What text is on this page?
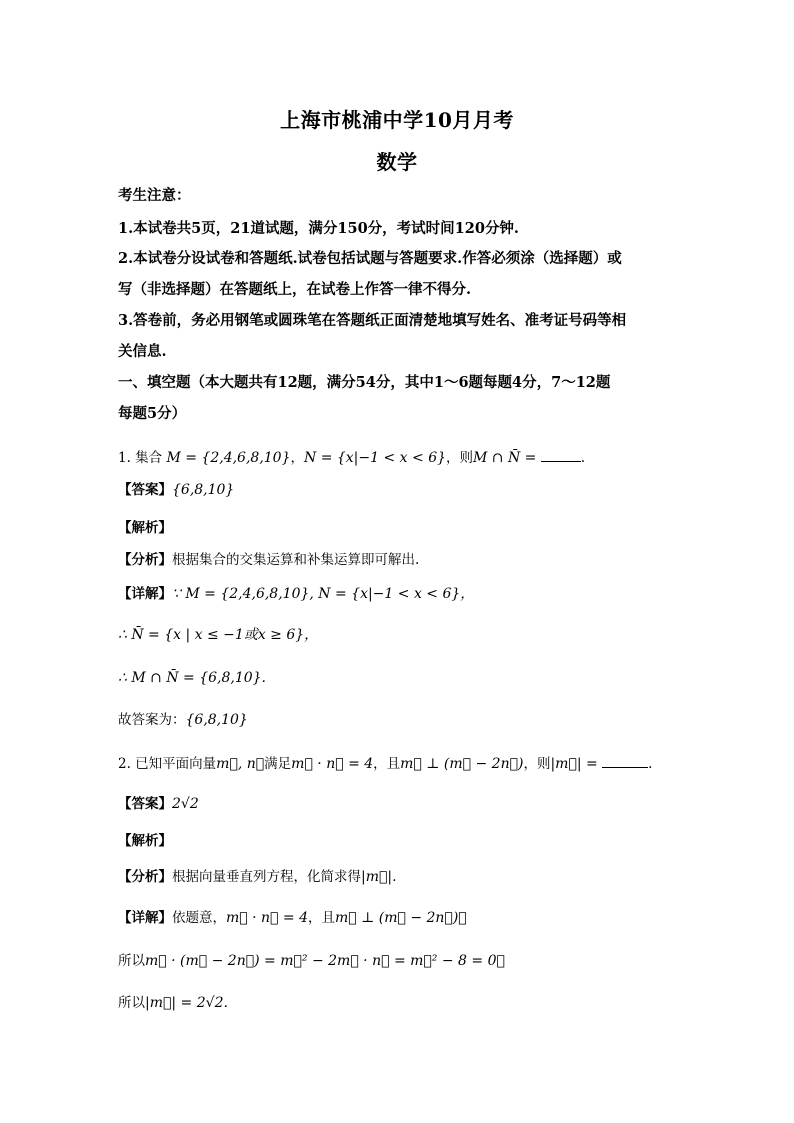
上海市桃浦中学10月月考
数学
考生注意：
1.本试卷共5页，21道试题，满分150分，考试时间120分钟.
2.本试卷分设试卷和答题纸.试卷包括试题与答题要求.作答必须涂（选择题）或
写（非选择题）在答题纸上，在试卷上作答一律不得分.
3.答卷前，务必用钢笔或圆珠笔在答题纸正面清楚地填写姓名、准考证号码等相
关信息.
一、填空题（本大题共有12题，满分54分，其中1～6题每题4分，7～12题
每题5分）
1. 集合 M = {2,4,6,8,10}，N = {x|−1 < x < 6}，则M ∩ N̄ =	.
【答案】{6,8,10}
【解析】
【分析】根据集合的交集运算和补集运算即可解出.
【详解】∵ M = {2,4,6,8,10}, N = {x|−1 < x < 6}，
∴ N̄ = {x | x ≤ −1或x ≥ 6}，
∴ M ∩ N̄ = {6,8,10}.
故答案为：{6,8,10}
2. 已知平面向量m⃗, n⃗满足m⃗ · n⃗ = 4，且m⃗ ⊥ (m⃗ − 2n⃗)，则|m⃗| =	.
【答案】2√2
【解析】
【分析】根据向量垂直列方程，化简求得|m⃗|.
【详解】依题意，m⃗ · n⃗ = 4，且m⃗ ⊥ (m⃗ − 2n⃗)，
所以m⃗ · (m⃗ − 2n⃗) = m⃗² − 2m⃗ · n⃗ = m⃗² − 8 = 0，
所以|m⃗| = 2√2.
